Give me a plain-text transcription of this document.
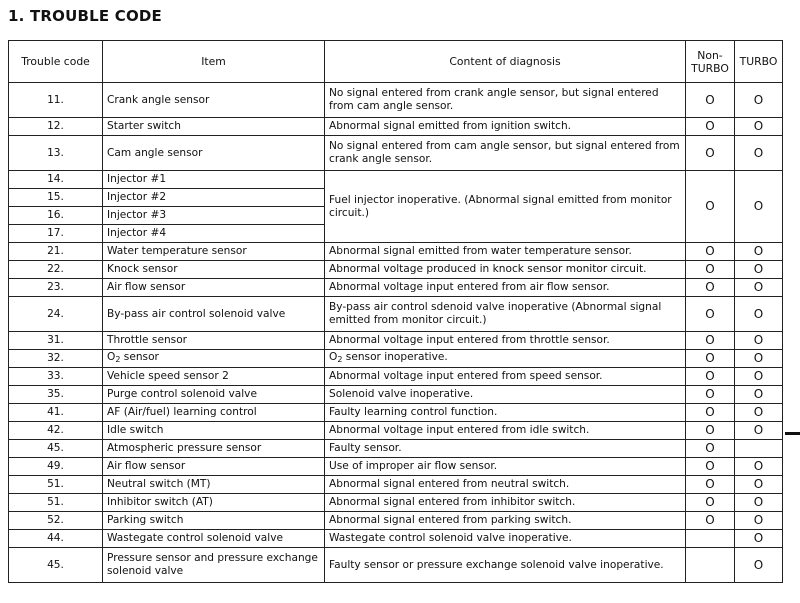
1. TROUBLE CODE
Trouble code	Item	Content of diagnosis	Non-TURBO	TURBO
11.	Crank angle sensor	No signal entered from crank angle sensor, but signal entered from cam angle sensor.	O	O
12.	Starter switch	Abnormal signal emitted from ignition switch.	O	O
13.	Cam angle sensor	No signal entered from cam angle sensor, but signal entered from crank angle sensor.	O	O
14.	Injector #1	Fuel injector inoperative. (Abnormal signal emitted from monitor circuit.)	O	O
15.	Injector #2			
16.	Injector #3			
17.	Injector #4			
21.	Water temperature sensor	Abnormal signal emitted from water temperature sensor.	O	O
22.	Knock sensor	Abnormal voltage produced in knock sensor monitor circuit.	O	O
23.	Air flow sensor	Abnormal voltage input entered from air flow sensor.	O	O
24.	By-pass air control solenoid valve	By-pass air control sdenoid valve inoperative (Abnormal signal emitted from monitor circuit.)	O	O
31.	Throttle sensor	Abnormal voltage input entered from throttle sensor.	O	O
32.	$O_2$ sensor	$O_2$ sensor inoperative.	O	O
33.	Vehicle speed sensor 2	Abnormal voltage input entered from speed sensor.	O	O
35.	Purge control solenoid valve	Solenoid valve inoperative.	O	O
41.	AF (Air/fuel) learning control	Faulty learning control function.	O	O
42.	Idle switch	Abnormal voltage input entered from idle switch.	O	O
45.	Atmospheric pressure sensor	Faulty sensor.	O	
49.	Air flow sensor	Use of improper air flow sensor.	O	O
51.	Neutral switch (MT)	Abnormal signal entered from neutral switch.	O	O
51.	Inhibitor switch (AT)	Abnormal signal entered from inhibitor switch.	O	O
52.	Parking switch	Abnormal signal entered from parking switch.	O	O
44.	Wastegate control solenoid valve	Wastegate control solenoid valve inoperative.		O
45.	Pressure sensor and pressure exchange solenoid valve	Faulty sensor or pressure exchange solenoid valve inoperative.		O
